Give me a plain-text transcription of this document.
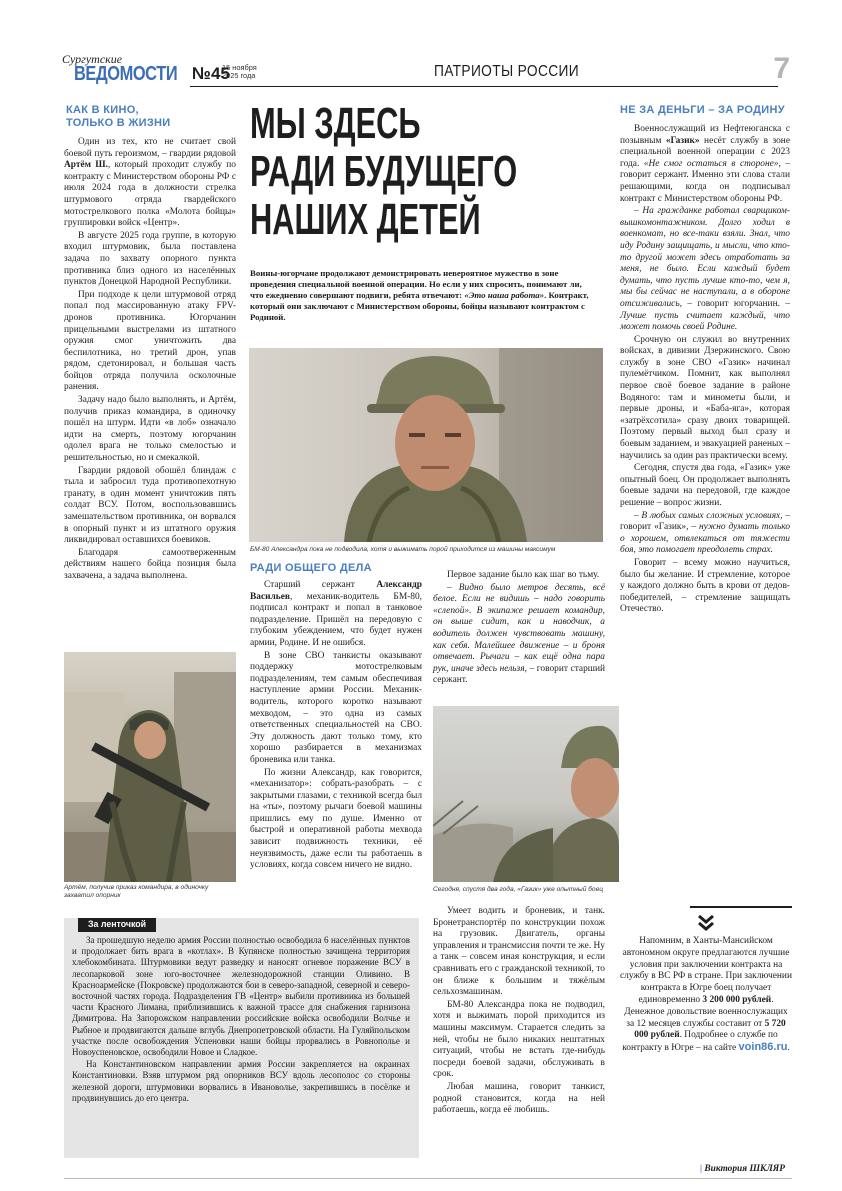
Сургутские
ВЕДОМОСТИ №45
15 ноября
2025 года	ПАТРИОТЫ РОССИИ	7
МЫ ЗДЕСЬ
РАДИ БУДУЩЕГО
НАШИХ ДЕТЕЙ
Воины-югорчане продолжают демонстрировать невероятное мужество в зоне проведения специальной военной операции. Но если у них спросить, понимают ли, что ежедневно совершают подвиги, ребята отвечают: «Это наша работа». Контракт, который они заключают с Министерством обороны, бойцы называют контрактом с Родиной.
КАК В КИНО,
ТОЛЬКО В ЖИЗНИ

Один из тех, кто не считает свой боевой путь героизмом, – гвардии рядовой Артём Ш., который проходит службу по контракту с Министерством обороны РФ с июля 2024 года в должности стрелка штурмового отряда гвардейского мотострелкового полка «Молота бойцы» группировки войск «Центр».

В августе 2025 года группе, в которую входил штурмовик, была поставлена задача по захвату опорного пункта противника близ одного из населённых пунктов Донецкой Народной Республики.

При подходе к цели штурмовой отряд попал под массированную атаку FPV-дронов противника. Югорчанин прицельными выстрелами из штатного оружия смог уничтожить два беспилотника, но третий дрон, упав рядом, сдетонировал, и большая часть бойцов отряда получила осколочные ранения.

Задачу надо было выполнять, и Артём, получив приказ командира, в одиночку пошёл на штурм. Идти «в лоб» означало идти на смерть, поэтому югорчанин одолел врага не только смелостью и решительностью, но и смекалкой.

Гвардии рядовой обошёл блиндаж с тыла и забросил туда противопехотную гранату, в один момент уничтожив пять солдат ВСУ. Потом, воспользовавшись замешательством противника, он ворвался в опорный пункт и из штатного оружия ликвидировал оставшихся боевиков.

Благодаря самоотверженным действиям нашего бойца позиция была захвачена, а задача выполнена.

Артём, получив приказ командира, в одиночку захватил опорник
БМ-80 Александра пока не подводила, хотя и выжимать порой приходится из машины максимум
РАДИ ОБЩЕГО ДЕЛА

Старший сержант Александр Васильев, механик-водитель БМ-80, подписал контракт и попал в танковое подразделение. Пришёл на передовую с глубоким убеждением, что будет нужен армии, Родине. И не ошибся.

В зоне СВО танкисты оказывают поддержку мотострелковым подразделениям, тем самым обеспечивая наступление армии России. Механик-водитель, которого коротко называют мехводом, – это одна из самых ответственных специальностей на СВО. Эту должность дают только тому, кто хорошо разбирается в механизмах броневика или танка.

По жизни Александр, как говорится, «механизатор»: собрать-разобрать – с закрытыми глазами, с техникой всегда был на «ты», поэтому рычаги боевой машины пришлись ему по душе. Именно от быстрой и оперативной работы мехвода зависит подвижность техники, её неуязвимость, даже если ты работаешь в условиях, когда совсем ничего не видно.

Первое задание было как шаг во тьму.

– Видно было метров десять, всё белое. Если не видишь – надо говорить «слепой». В экипаже решает командир, он выше сидит, как и наводчик, а водитель должен чувствовать машину, как себя. Малейшее движение – и броня отвечает. Рычаги – как ещё одна пара рук, иначе здесь нельзя, – говорит старший сержант.

Сегодня, спустя два года, «Газик» уже опытный боец
НЕ ЗА ДЕНЬГИ – ЗА РОДИНУ

Военнослужащий из Нефтеюганска с позывным «Газик» несёт службу в зоне специальной военной операции с 2023 года. «Не смог остаться в стороне», – говорит сержант. Именно эти слова стали решающими, когда он подписывал контракт с Министерством обороны РФ.

– На гражданке работал сварщиком-вышкомонтажником. Долго ходил в военкомат, но все-таки взяли. Знал, что иду Родину защищать, и мысли, что кто-то другой может здесь отработать за меня, не было. Если каждый будет думать, что пусть лучше кто-то, чем я, мы бы сейчас не наступали, а в обороне отсиживались, – говорит югорчанин. – Лучше пусть считает каждый, что может помочь своей Родине.

Срочную он служил во внутренних войсках, в дивизии Дзержинского. Свою службу в зоне СВО «Газик» начинал пулемётчиком. Помнит, как выполнял первое своё боевое задание в районе Водяного: там и минометы были, и первые дроны, и «Баба-яга», которая «затрёхсотила» сразу двоих товарищей. Поэтому первый выход был сразу и боевым заданием, и эвакуацией раненых – научились за один раз практически всему.

Сегодня, спустя два года, «Газик» уже опытный боец. Он продолжает выполнять боевые задачи на передовой, где каждое решение – вопрос жизни.

– В любых самых сложных условиях, – говорит «Газик», – нужно думать только о хорошем, отвлекаться от тяжести боя, это помогает преодолеть страх.

Говорит – всему можно научиться, было бы желание. И стремление, которое у каждого должно быть в крови от дедов-победителей, – стремление защищать Отечество.

За ленточкой

За прошедшую неделю армия России полностью освободила 6 населённых пунктов и продолжает бить врага в «котлах». В Купянске полностью зачищена территория хлебокомбината. Штурмовики ведут разведку и наносят огневое поражение ВСУ в лесопарковой зоне юго-восточнее железнодорожной станции Оливино. В Красноармейске (Покровске) продолжаются бои в северо-западной, северной и северо-восточной частях города. Подразделения ГВ «Центр» выбили противника из большей части Красного Лимана, приблизившись к важной трассе для снабжения гарнизона Димитрова. На Запорожском направлении российские войска освободили Волчье и Рыбное и продвигаются дальше вглубь Днепропетровской области. На Гуляйпольском участке после освобождения Успеновки наши бойцы прорвались в Ровнополье и Новоуспеновское, освободили Новое и Сладкое.

На Константиновском направлении армия России закрепляется на окраинах Константиновки. Взяв штурмом ряд опорников ВСУ вдоль лесополос со стороны железной дороги, штурмовики ворвались в Ивановолье, закрепившись в посёлке и продвинувшись до его центра.

Умеет водить и броневик, и танк. Бронетранспортёр по конструкции похож на грузовик. Двигатель, органы управления и трансмиссия почти те же. Ну а танк – совсем иная конструкция, и если сравнивать его с гражданской техникой, то он ближе к большим и тяжёлым сельхозмашинам.

БМ-80 Александра пока не подводил, хотя и выжимать порой приходится из машины максимум. Старается следить за ней, чтобы не было никаких нештатных ситуаций, чтобы не встать где-нибудь посреди боевой задачи, обслуживать в срок.

Любая машина, говорит танкист, родной становится, когда на ней работаешь, когда её любишь.

Напомним, в Ханты-Мансийском автономном округе предлагаются лучшие условия при заключении контракта на службу в ВС РФ в стране. При заключении контракта в Югре боец получает единовременно 3 200 000 рублей. Денежное довольствие военнослужащих за 12 месяцев службы составит от 5 720 000 рублей. Подробнее о службе по контракту в Югре – на сайте voin86.ru.
| Виктория ШКЛЯР
